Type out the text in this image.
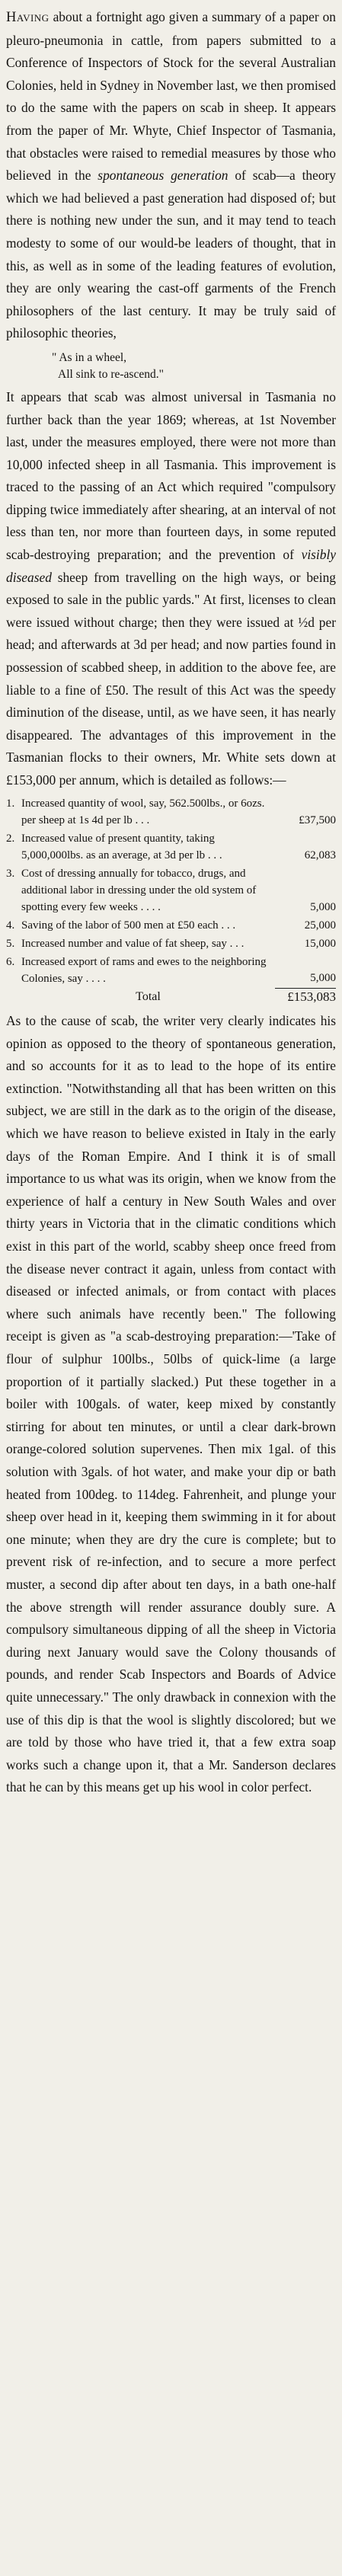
Having about a fortnight ago given a summary of a paper on pleuro-pneumonia in cattle, from papers submitted to a Conference of Inspectors of Stock for the several Australian Colonies, held in Sydney in November last, we then promised to do the same with the papers on scab in sheep. It appears from the paper of Mr. Whyte, Chief Inspector of Tasmania, that obstacles were raised to remedial measures by those who believed in the spontaneous generation of scab—a theory which we had believed a past generation had disposed of; but there is nothing new under the sun, and it may tend to teach modesty to some of our would-be leaders of thought, that in this, as well as in some of the leading features of evolution, they are only wearing the cast-off garments of the French philosophers of the last century. It may be truly said of philosophic theories,

" As in a wheel,
All sink to re-ascend."

It appears that scab was almost universal in Tasmania no further back than the year 1869; whereas, at 1st November last, under the measures employed, there were not more than 10,000 infected sheep in all Tasmania. This improvement is traced to the passing of an Act which required "compulsory dipping twice immediately after shearing, at an interval of not less than ten, nor more than fourteen days, in some reputed scab-destroying preparation; and the prevention of visibly diseased sheep from travelling on the high ways, or being exposed to sale in the public yards." At first, licenses to clean were issued without charge; then they were issued at ½d per head; and afterwards at 3d per head; and now parties found in possession of scabbed sheep, in addition to the above fee, are liable to a fine of £50. The result of this Act was the speedy diminution of the disease, until, as we have seen, it has nearly disappeared. The advantages of this improvement in the Tasmanian flocks to their owners, Mr. White sets down at £153,000 per annum, which is detailed as follows:—

1.	Increased quantity of wool, say, 562.500lbs., or 6ozs. per sheep at 1s 4d per lb . . .	£37,500
2.	Increased value of present quantity, taking 5,000,000lbs. as an average, at 3d per lb . . .	62,083
3.	Cost of dressing annually for tobacco, drugs, and additional labor in dressing under the old system of spotting every few weeks . . . .	5,000
4.	Saving of the labor of 500 men at £50 each . . .	25,000
5.	Increased number and value of fat sheep, say . . .	15,000
6.	Increased export of rams and ewes to the neighboring Colonies, say . . . .	5,000
	Total	£153,083

As to the cause of scab, the writer very clearly indicates his opinion as opposed to the theory of spontaneous generation, and so accounts for it as to lead to the hope of its entire extinction. "Notwithstanding all that has been written on this subject, we are still in the dark as to the origin of the disease, which we have reason to believe existed in Italy in the early days of the Roman Empire. And I think it is of small importance to us what was its origin, when we know from the experience of half a century in New South Wales and over thirty years in Victoria that in the climatic conditions which exist in this part of the world, scabby sheep once freed from the disease never contract it again, unless from contact with diseased or infected animals, or from contact with places where such animals have recently been." The following receipt is given as "a scab-destroying preparation:—'Take of flour of sulphur 100lbs., 50lbs of quick-lime (a large proportion of it partially slacked.) Put these together in a boiler with 100gals. of water, keep mixed by constantly stirring for about ten minutes, or until a clear dark-brown orange-colored solution supervenes. Then mix 1gal. of this solution with 3gals. of hot water, and make your dip or bath heated from 100deg. to 114deg. Fahrenheit, and plunge your sheep over head in it, keeping them swimming in it for about one minute; when they are dry the cure is complete; but to prevent risk of re-infection, and to secure a more perfect muster, a second dip after about ten days, in a bath one-half the above strength will render assurance doubly sure. A compulsory simultaneous dipping of all the sheep in Victoria during next January would save the Colony thousands of pounds, and render Scab Inspectors and Boards of Advice quite unnecessary." The only drawback in connexion with the use of this dip is that the wool is slightly discolored; but we are told by those who have tried it, that a few extra soap works such a change upon it, that a Mr. Sanderson declares that he can by this means get up his wool in color perfect.
